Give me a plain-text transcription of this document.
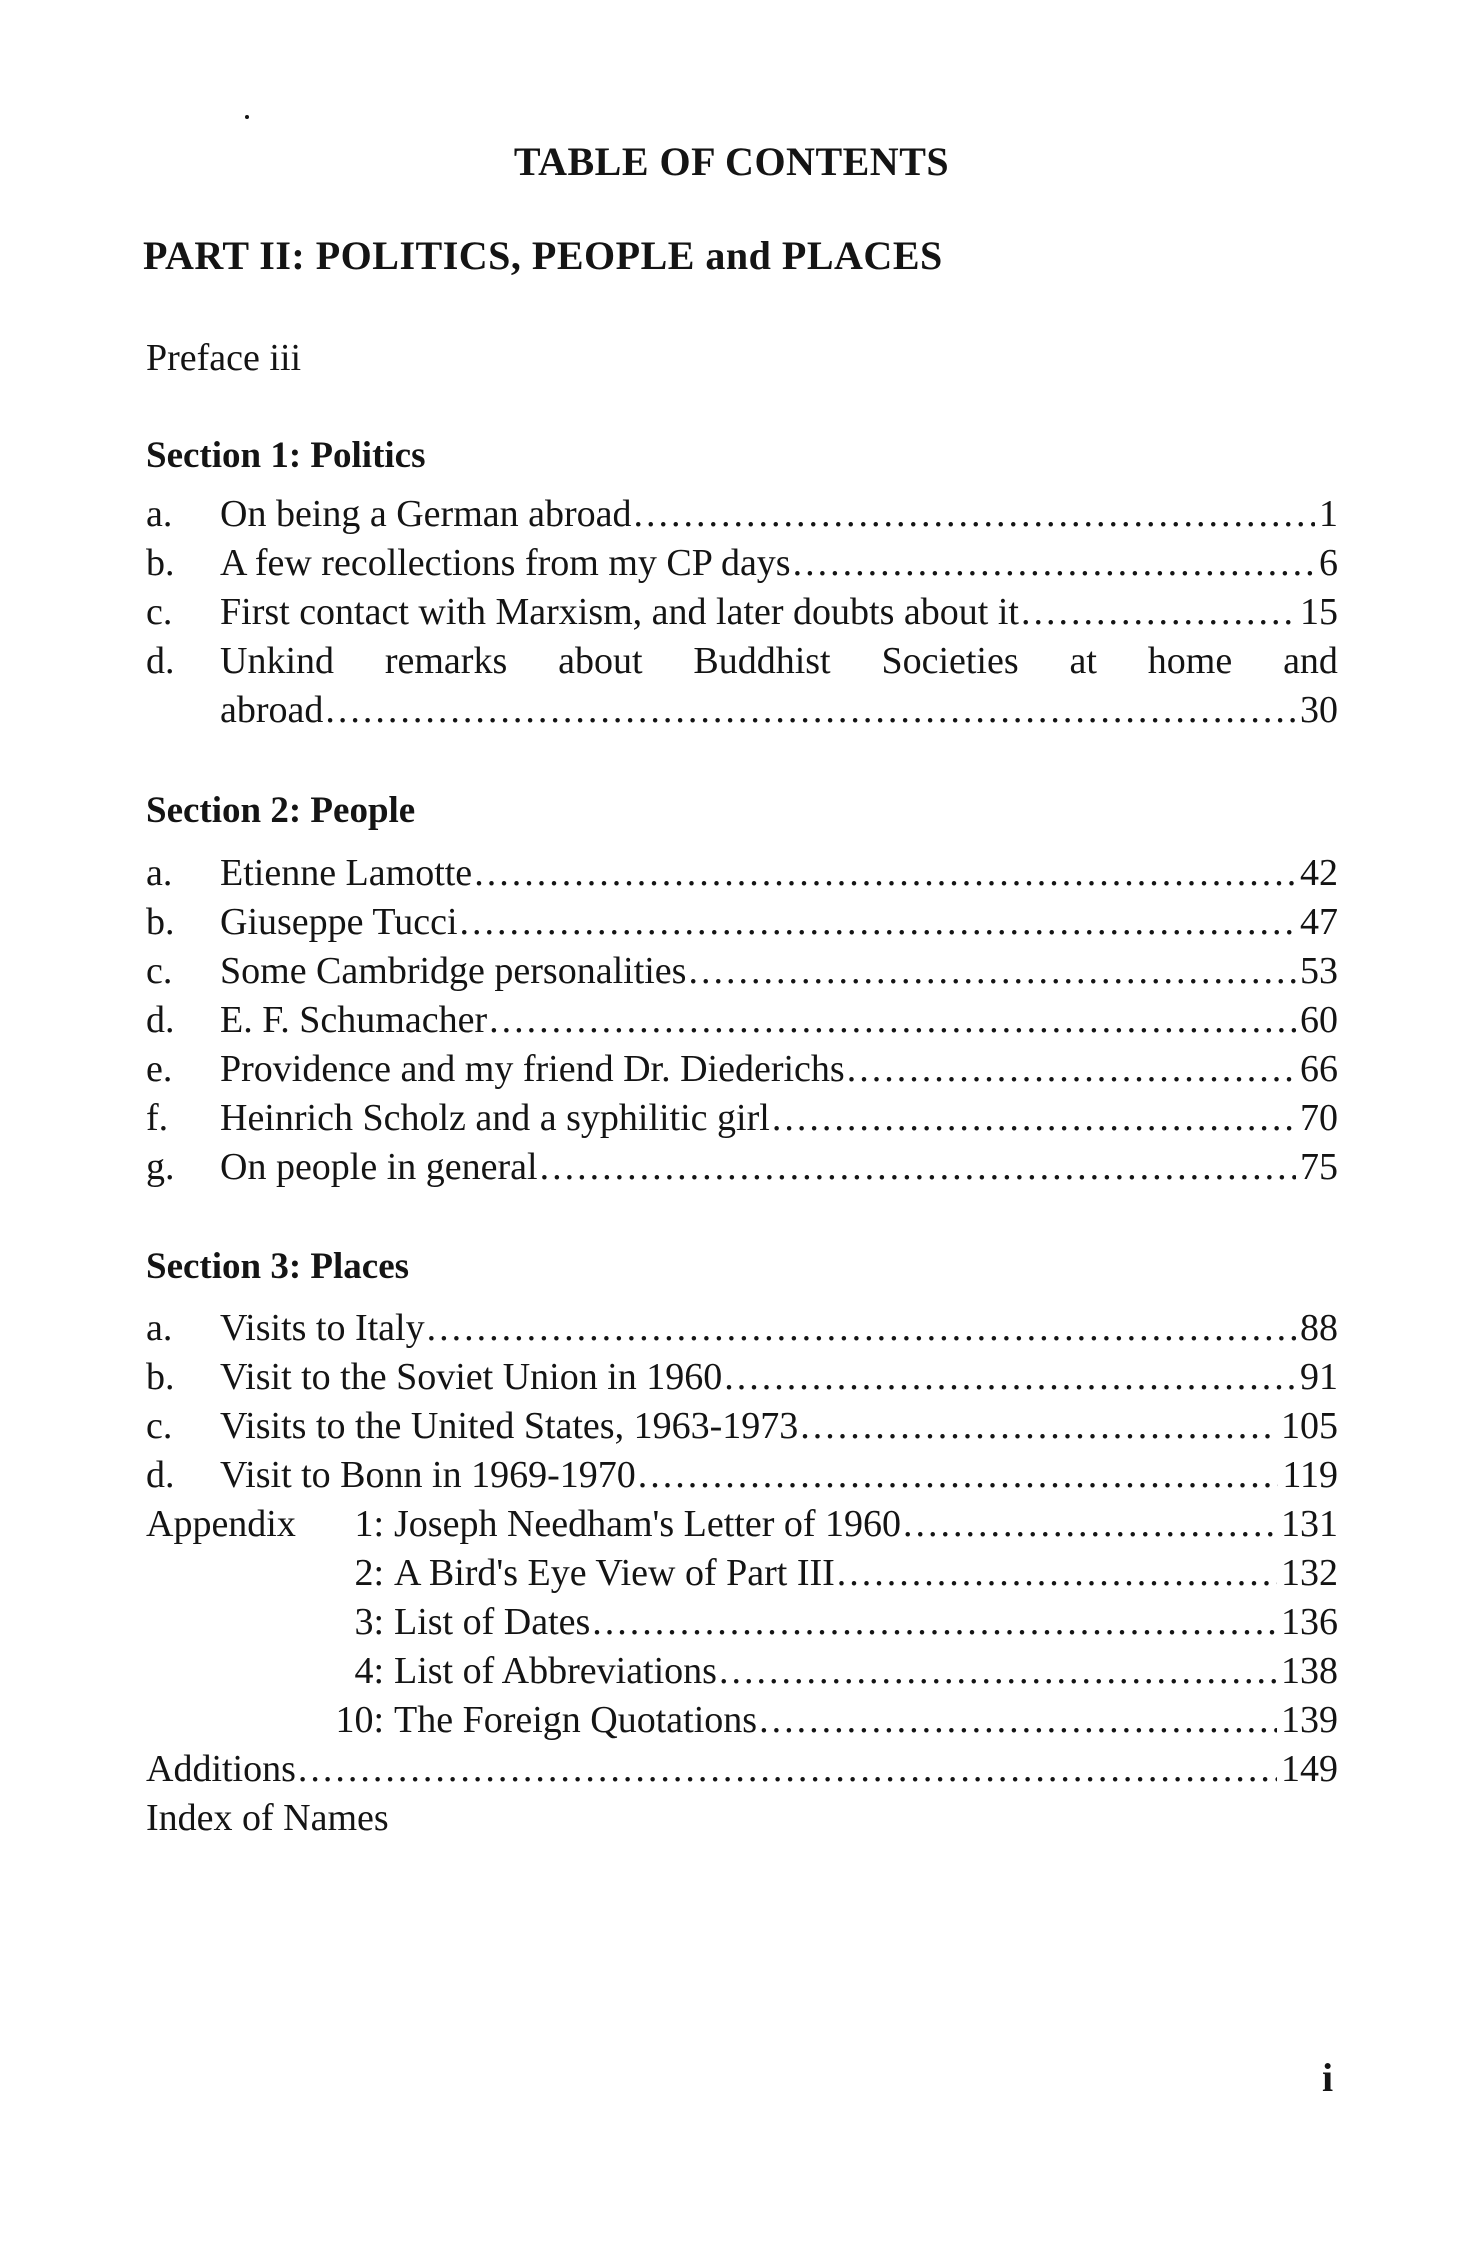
TABLE OF CONTENTS
PART II: POLITICS, PEOPLE and PLACES
Preface iii
Section 1: Politics
a.	On being a German abroad .....	1
b.	A few recollections from my CP days .....	6
c.	First contact with Marxism, and later doubts about it .....	15
d.	Unkind remarks about Buddhist Societies at home and
abroad .....	30
Section 2: People
a.	Etienne Lamotte .....	42
b.	Giuseppe Tucci .....	47
c.	Some Cambridge personalities .....	53
d.	E. F. Schumacher .....	60
e.	Providence and my friend Dr. Diederichs .....	66
f.	Heinrich Scholz and a syphilitic girl .....	70
g.	On people in general .....	75
Section 3: Places
a.	Visits to Italy .....	88
b.	Visit to the Soviet Union in 1960 .....	91
c.	Visits to the United States, 1963-1973 .....	105
d.	Visit to Bonn in 1969-1970 .....	119
Appendix	1: Joseph Needham's Letter of 1960 .....	131
2: A Bird's Eye View of Part III .....	132
3: List of Dates .....	136
4: List of Abbreviations .....	138
10: The Foreign Quotations .....	139
Additions .....	149
Index of Names
i
